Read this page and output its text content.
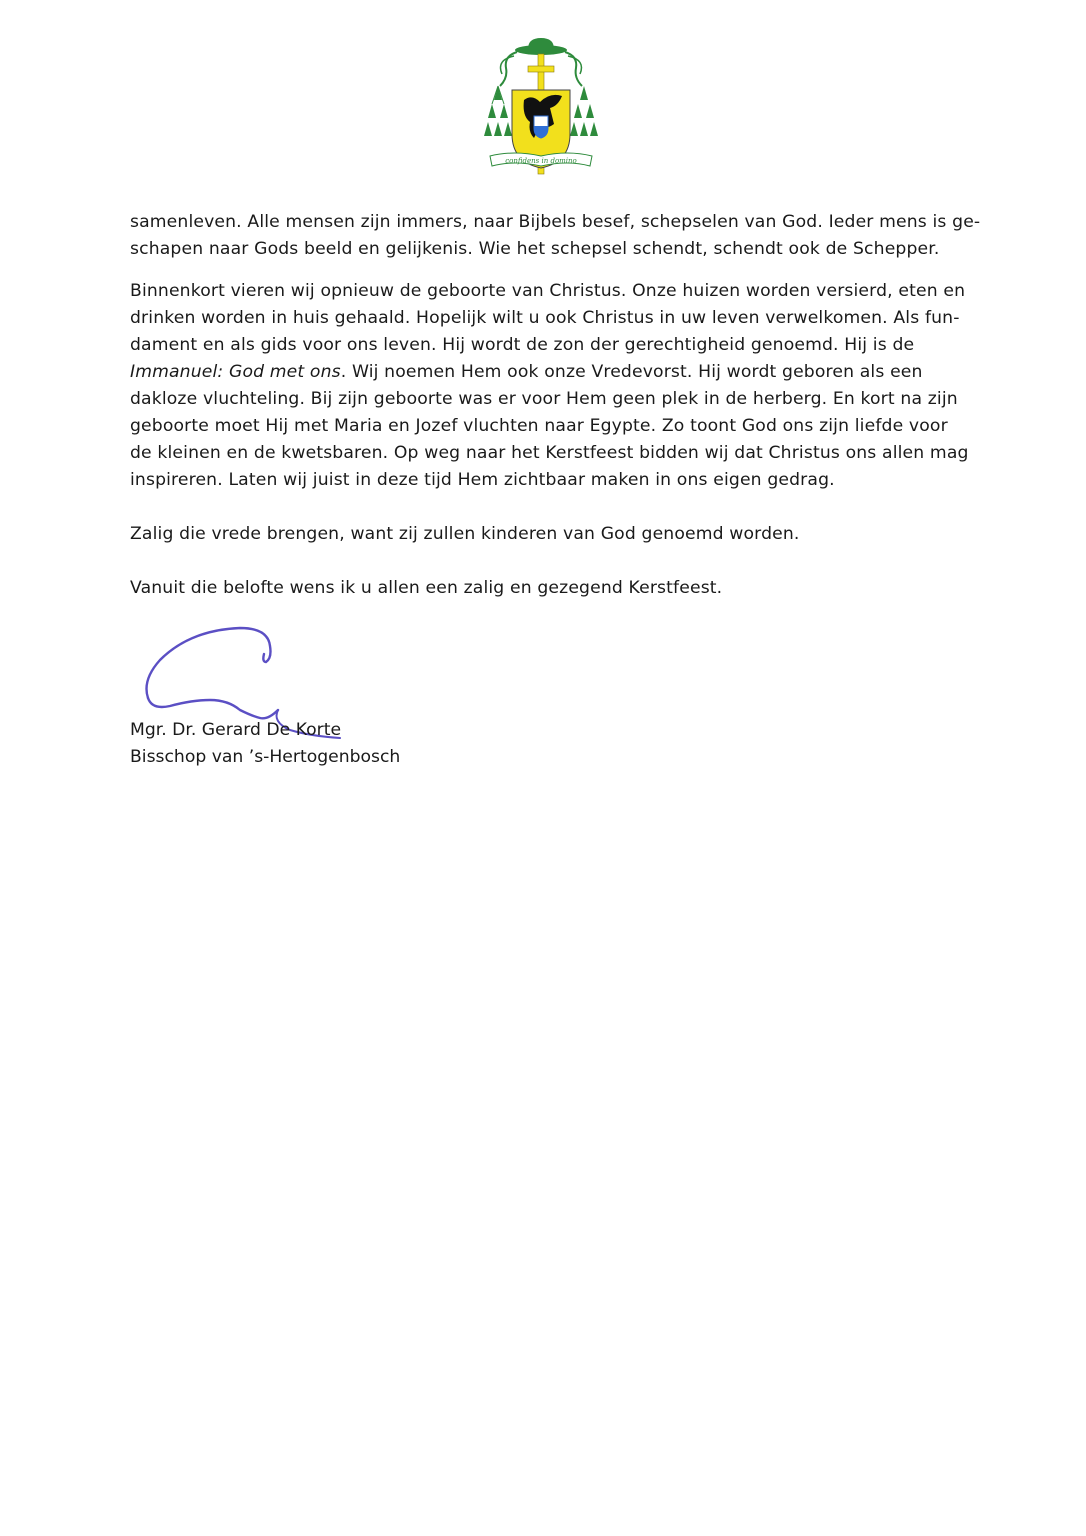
confidens in domino

samenleven. Alle mensen zijn immers, naar Bijbels besef, schepselen van God. Ieder mens is ge-
schapen naar Gods beeld en gelijkenis. Wie het schepsel schendt, schendt ook de Schepper.

Binnenkort vieren wij opnieuw de geboorte van Christus. Onze huizen worden versierd, eten en
drinken worden in huis gehaald. Hopelijk wilt u ook Christus in uw leven verwelkomen. Als fun-
dament en als gids voor ons leven. Hij wordt de zon der gerechtigheid genoemd. Hij is de
Immanuel: God met ons. Wij noemen Hem ook onze Vredevorst. Hij wordt geboren als een
dakloze vluchteling. Bij zijn geboorte was er voor Hem geen plek in de herberg. En kort na zijn
geboorte moet Hij met Maria en Jozef vluchten naar Egypte. Zo toont God ons zijn liefde voor
de kleinen en de kwetsbaren. Op weg naar het Kerstfeest bidden wij dat Christus ons allen mag
inspireren. Laten wij juist in deze tijd Hem zichtbaar maken in ons eigen gedrag.

Zalig die vrede brengen, want zij zullen kinderen van God genoemd worden.

Vanuit die belofte wens ik u allen een zalig en gezegend Kerstfeest.

Mgr. Dr. Gerard De Korte
Bisschop van ’s-Hertogenbosch
